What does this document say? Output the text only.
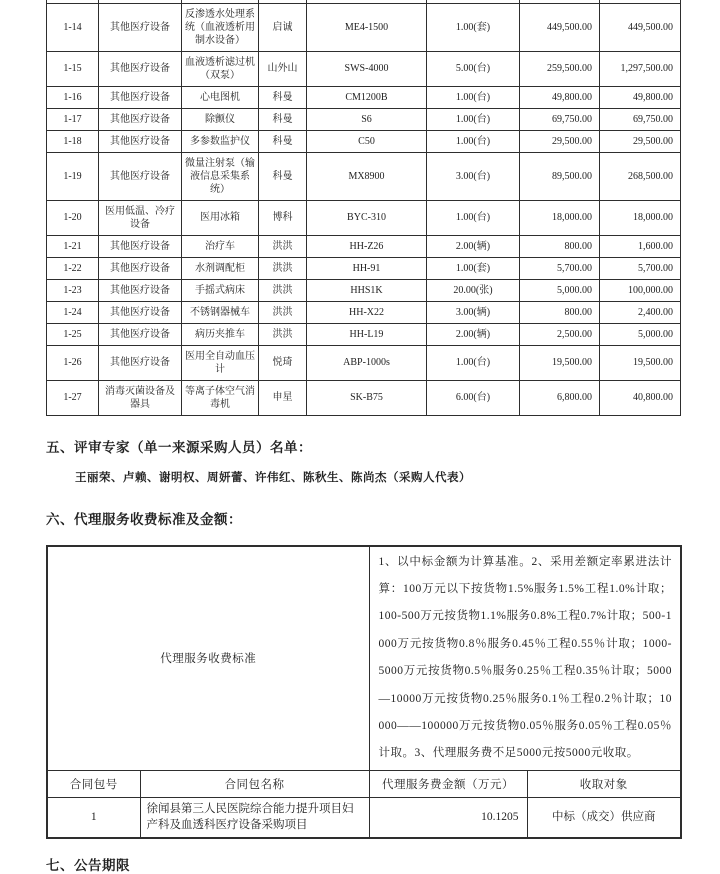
1-14	其他医疗设备	反渗透水处理系统（血液透析用制水设备）	启诚	ME4-1500	1.00(套)	449,500.00	449,500.00
1-15	其他医疗设备	血液透析滤过机（双泵）	山外山	SWS-4000	5.00(台)	259,500.00	1,297,500.00
1-16	其他医疗设备	心电图机	科曼	CM1200B	1.00(台)	49,800.00	49,800.00
1-17	其他医疗设备	除颤仪	科曼	S6	1.00(台)	69,750.00	69,750.00
1-18	其他医疗设备	多参数监护仪	科曼	C50	1.00(台)	29,500.00	29,500.00
1-19	其他医疗设备	微量注射泵（输液信息采集系统）	科曼	MX8900	3.00(台)	89,500.00	268,500.00
1-20	医用低温、冷疗设备	医用冰箱	博科	BYC-310	1.00(台)	18,000.00	18,000.00
1-21	其他医疗设备	治疗车	洪洪	HH-Z26	2.00(辆)	800.00	1,600.00
1-22	其他医疗设备	水剂调配柜	洪洪	HH-91	1.00(套)	5,700.00	5,700.00
1-23	其他医疗设备	手摇式病床	洪洪	HHS1K	20.00(张)	5,000.00	100,000.00
1-24	其他医疗设备	不锈钢器械车	洪洪	HH-X22	3.00(辆)	800.00	2,400.00
1-25	其他医疗设备	病历夹推车	洪洪	HH-L19	2.00(辆)	2,500.00	5,000.00
1-26	其他医疗设备	医用全自动血压计	悦琦	ABP-1000s	1.00(台)	19,500.00	19,500.00
1-27	消毒灭菌设备及器具	等离子体空气消毒机	申星	SK-B75	6.00(台)	6,800.00	40,800.00
五、评审专家（单一来源采购人员）名单：
王丽荣、卢赖、谢明权、周妍蕾、许伟红、陈秋生、陈尚杰（采购人代表）
六、代理服务收费标准及金额：
代理服务收费标准		1、以中标金额为计算基准。2、采用差额定率累进法计算：100万元以下按货物1.5%服务1.5%工程1.0%计取；100-500万元按货物1.1%服务0.8%工程0.7%计取；500-1000万元按货物0.8％服务0.45％工程0.55％计取；1000-5000万元按货物0.5％服务0.25％工程0.35％计取；5000—10000万元按货物0.25％服务0.1％工程0.2％计取；10000——100000万元按货物0.05％服务0.05％工程0.05％计取。3、代理服务费不足5000元按5000元收取。	
合同包号	合同包名称	代理服务费金额（万元）	收取对象
1	徐闻县第三人民医院综合能力提升项目妇产科及血透科医疗设备采购项目	10.1205	中标（成交）供应商
七、公告期限
